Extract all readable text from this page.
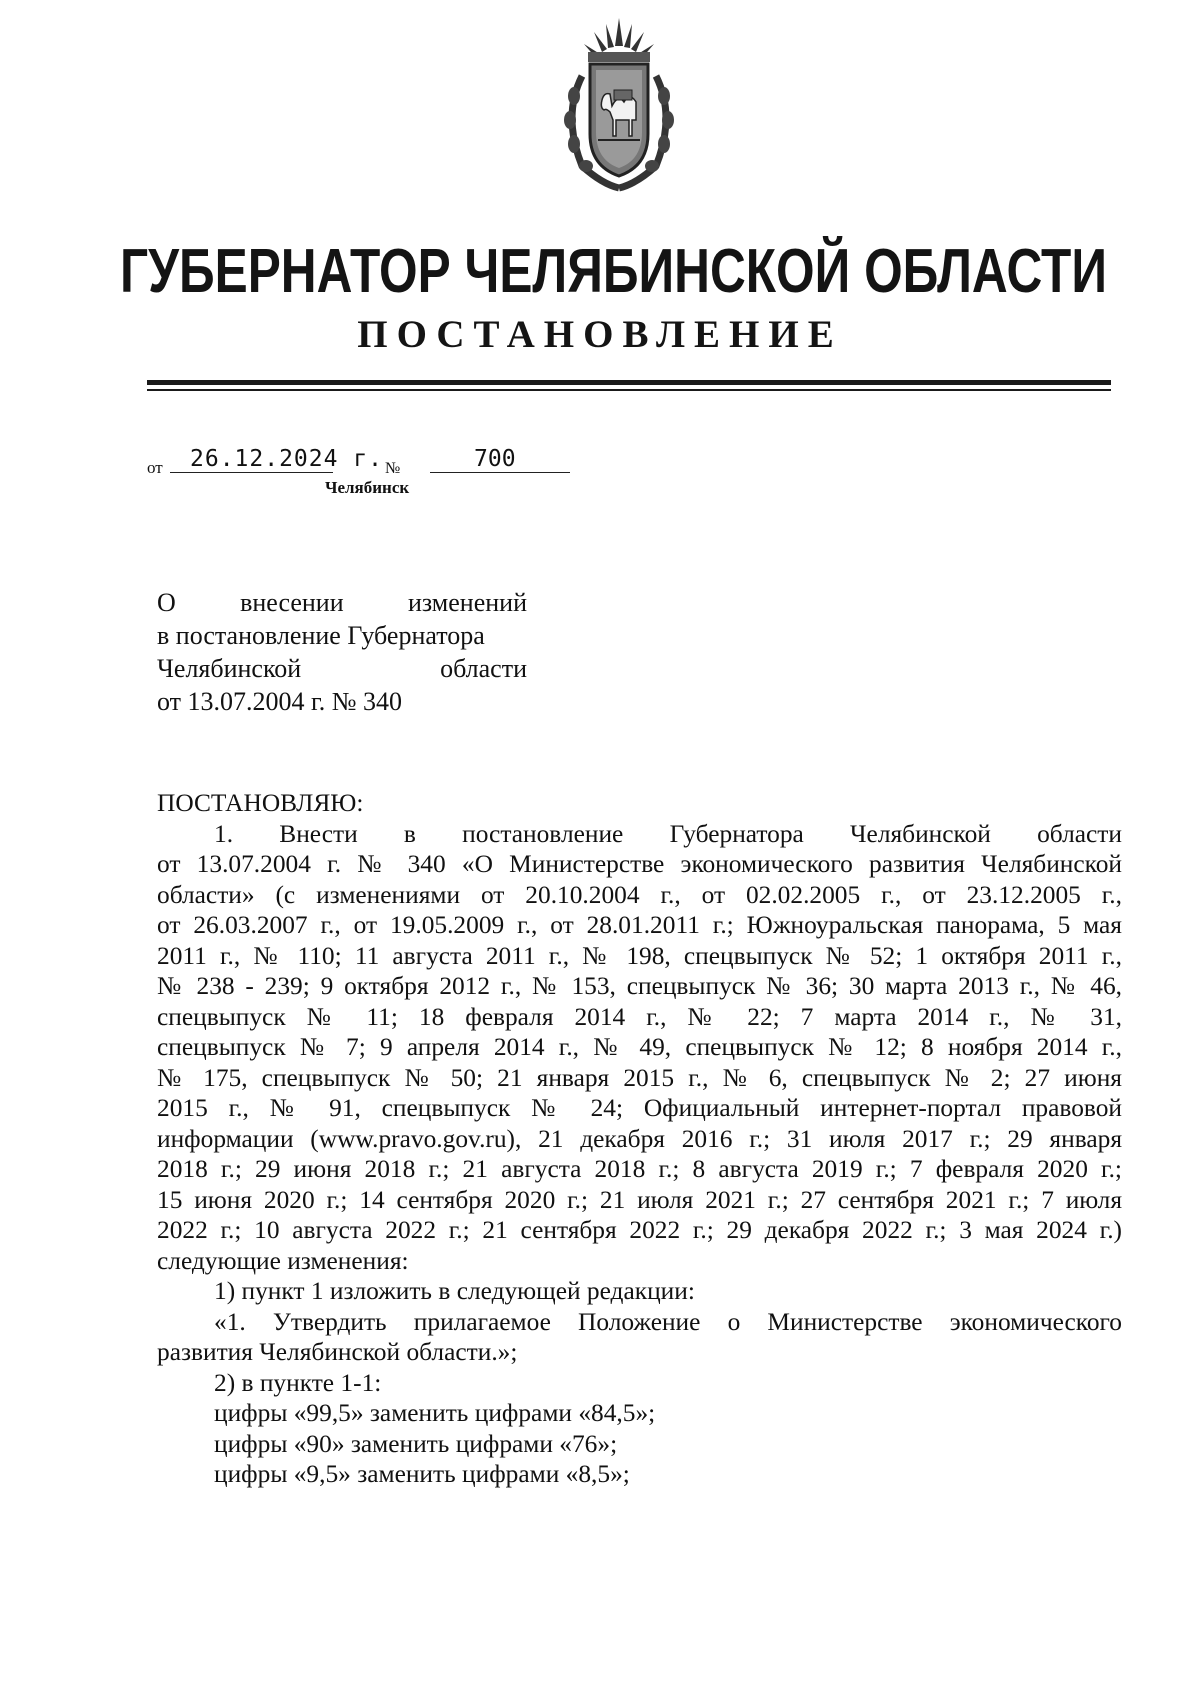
ГУБЕРНАТОР ЧЕЛЯБИНСКОЙ ОБЛАСТИ
ПОСТАНОВЛЕНИЕ
от 26.12.2024 г. №	700
Челябинск
О внесении изменений
в постановление Губернатора
Челябинской области
от 13.07.2004 г. № 340
ПОСТАНОВЛЯЮ:
1. Внести в постановление Губернатора Челябинской области
от 13.07.2004 г. № 340 «О Министерстве экономического развития Челябинской
области» (с изменениями от 20.10.2004 г., от 02.02.2005 г., от 23.12.2005 г.,
от 26.03.2007 г., от 19.05.2009 г., от 28.01.2011 г.; Южноуральская панорама, 5 мая
2011 г., № 110; 11 августа 2011 г., № 198, спецвыпуск № 52; 1 октября 2011 г.,
№ 238 - 239; 9 октября 2012 г., № 153, спецвыпуск № 36; 30 марта 2013 г., № 46,
спецвыпуск № 11; 18 февраля 2014 г., № 22; 7 марта 2014 г., № 31,
спецвыпуск № 7; 9 апреля 2014 г., № 49, спецвыпуск № 12; 8 ноября 2014 г.,
№ 175, спецвыпуск № 50; 21 января 2015 г., № 6, спецвыпуск № 2; 27 июня
2015 г., № 91, спецвыпуск № 24; Официальный интернет-портал правовой
информации (www.pravo.gov.ru), 21 декабря 2016 г.; 31 июля 2017 г.; 29 января
2018 г.; 29 июня 2018 г.; 21 августа 2018 г.; 8 августа 2019 г.; 7 февраля 2020 г.;
15 июня 2020 г.; 14 сентября 2020 г.; 21 июля 2021 г.; 27 сентября 2021 г.; 7 июля
2022 г.; 10 августа 2022 г.; 21 сентября 2022 г.; 29 декабря 2022 г.; 3 мая 2024 г.)
следующие изменения:
1) пункт 1 изложить в следующей редакции:
«1. Утвердить прилагаемое Положение о Министерстве экономического
развития Челябинской области.»;
2) в пункте 1-1:
цифры «99,5» заменить цифрами «84,5»;
цифры «90» заменить цифрами «76»;
цифры «9,5» заменить цифрами «8,5»;
